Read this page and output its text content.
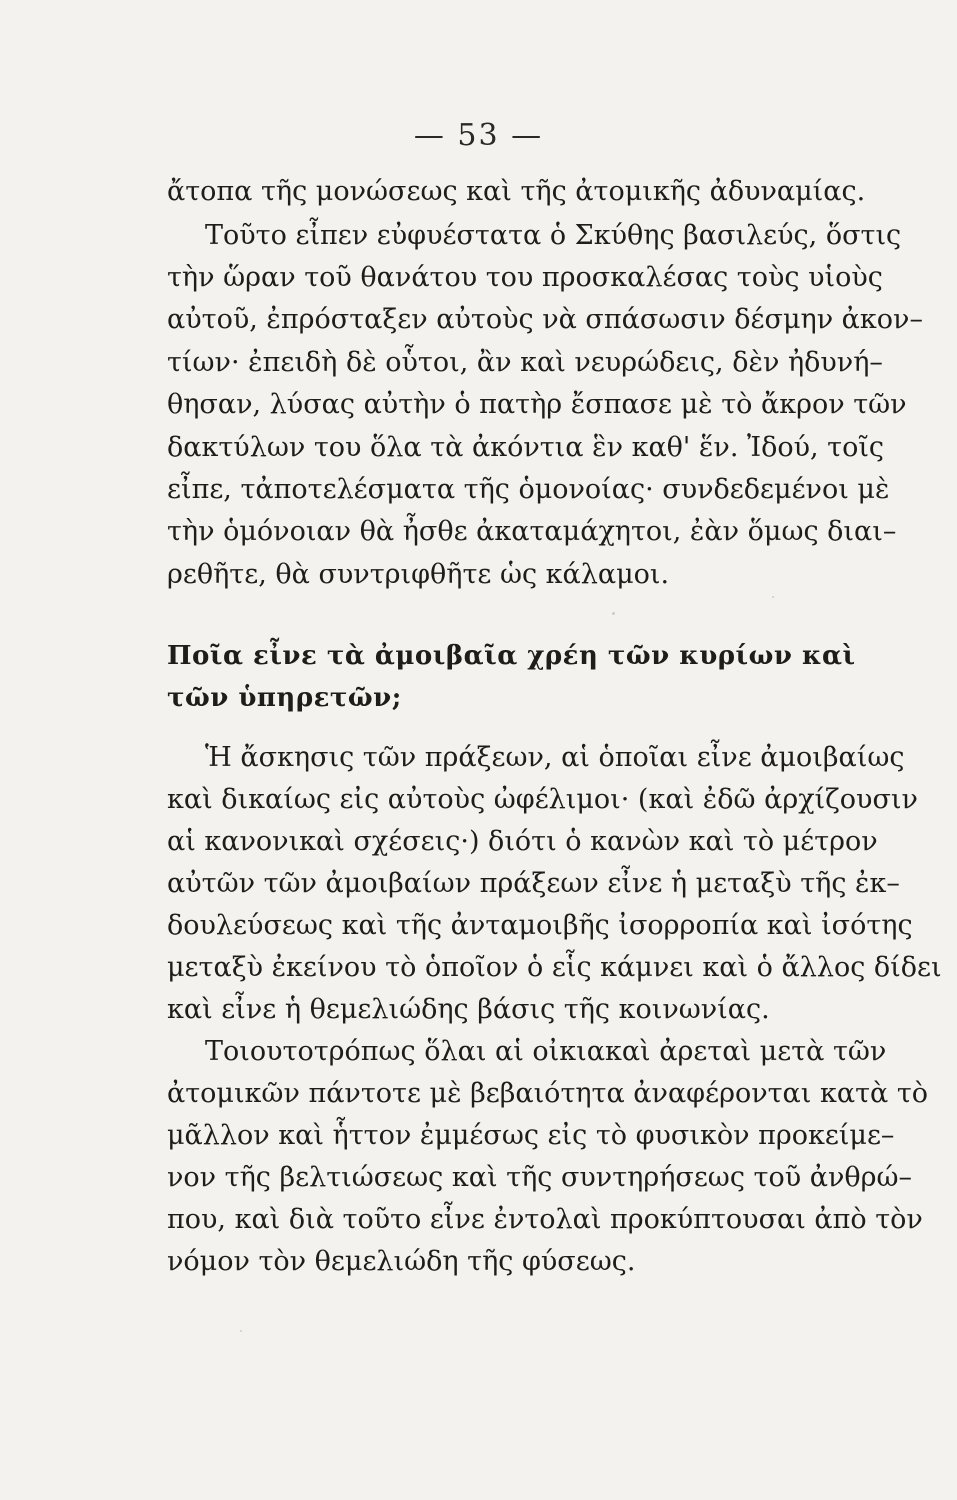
— 53 —
ἄτοπα τῆς μονώσεως καὶ τῆς ἀτομικῆς ἀδυναμίας.
Τοῦτο εἶπεν εὐφυέστατα ὁ Σκύθης βασιλεύς, ὅστις
τὴν ὥραν τοῦ θανάτου του προσκαλέσας τοὺς υἱοὺς
αὐτοῦ, ἐπρόσταξεν αὐτοὺς νὰ σπάσωσιν δέσμην ἀκον–
τίων· ἐπειδὴ δὲ οὗτοι, ἂν καὶ νευρώδεις, δὲν ἠδυνή–
θησαν, λύσας αὐτὴν ὁ πατὴρ ἔσπασε μὲ τὸ ἄκρον τῶν
δακτύλων του ὅλα τὰ ἀκόντια ἓν καθ' ἕν. Ἰδού, τοῖς
εἶπε, τἀποτελέσματα τῆς ὁμονοίας· συνδεδεμένοι μὲ
τὴν ὁμόνοιαν θὰ ἦσθε ἀκαταμάχητοι, ἐὰν ὅμως διαι–
ρεθῆτε, θὰ συντριφθῆτε ὡς κάλαμοι.
Ποῖα εἶνε τὰ ἀμοιβαῖα χρέη τῶν κυρίων καὶ
τῶν ὑπηρετῶν;
Ἡ ἄσκησις τῶν πράξεων, αἱ ὁποῖαι εἶνε ἀμοιβαίως
καὶ δικαίως εἰς αὐτοὺς ὠφέλιμοι· (καὶ ἐδῶ ἀρχίζουσιν
αἱ κανονικαὶ σχέσεις·) διότι ὁ κανὼν καὶ τὸ μέτρον
αὐτῶν τῶν ἀμοιβαίων πράξεων εἶνε ἡ μεταξὺ τῆς ἐκ–
δουλεύσεως καὶ τῆς ἀνταμοιβῆς ἰσορροπία καὶ ἰσότης
μεταξὺ ἐκείνου τὸ ὁποῖον ὁ εἷς κάμνει καὶ ὁ ἄλλος δίδει
καὶ εἶνε ἡ θεμελιώδης βάσις τῆς κοινωνίας.
Τοιουτοτρόπως ὅλαι αἱ οἰκιακαὶ ἀρεταὶ μετὰ τῶν
ἀτομικῶν πάντοτε μὲ βεβαιότητα ἀναφέρονται κατὰ τὸ
μᾶλλον καὶ ἧττον ἐμμέσως εἰς τὸ φυσικὸν προκείμε–
νον τῆς βελτιώσεως καὶ τῆς συντηρήσεως τοῦ ἀνθρώ–
που, καὶ διὰ τοῦτο εἶνε ἐντολαὶ προκύπτουσαι ἀπὸ τὸν
νόμον τὸν θεμελιώδη τῆς φύσεως.
